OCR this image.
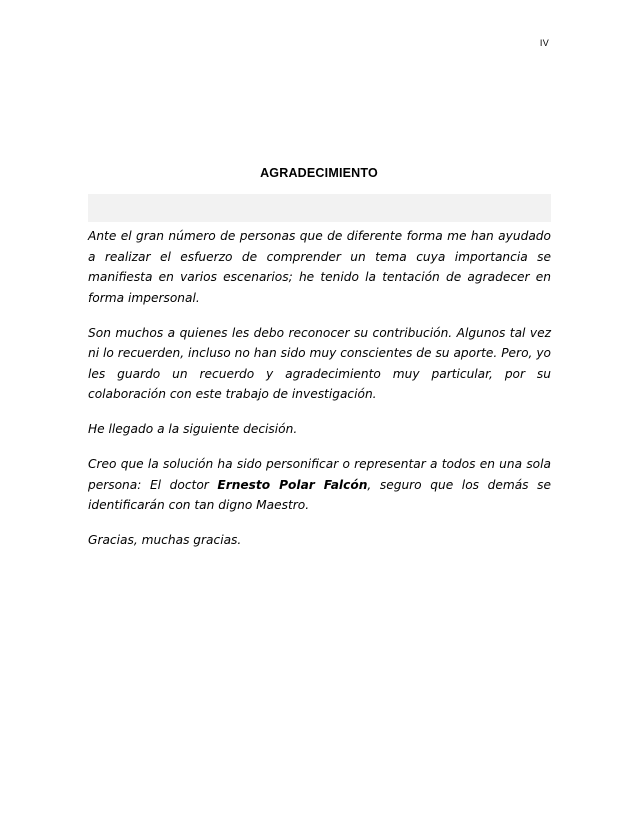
IV
AGRADECIMIENTO

Ante el gran número de personas que de diferente forma me han ayudado a realizar el esfuerzo de comprender un tema cuya importancia se manifiesta en varios escenarios; he tenido la tentación de agradecer en forma impersonal.

Son muchos a quienes les debo reconocer su contribución. Algunos tal vez ni lo recuerden, incluso no han sido muy conscientes de su aporte. Pero, yo les guardo un recuerdo y agradecimiento muy particular, por su colaboración con este trabajo de investigación.

He llegado a la siguiente decisión.

Creo que la solución ha sido personificar o representar a todos en una sola persona: El doctor Ernesto Polar Falcón, seguro que los demás se identificarán con tan digno Maestro.

Gracias, muchas gracias.
